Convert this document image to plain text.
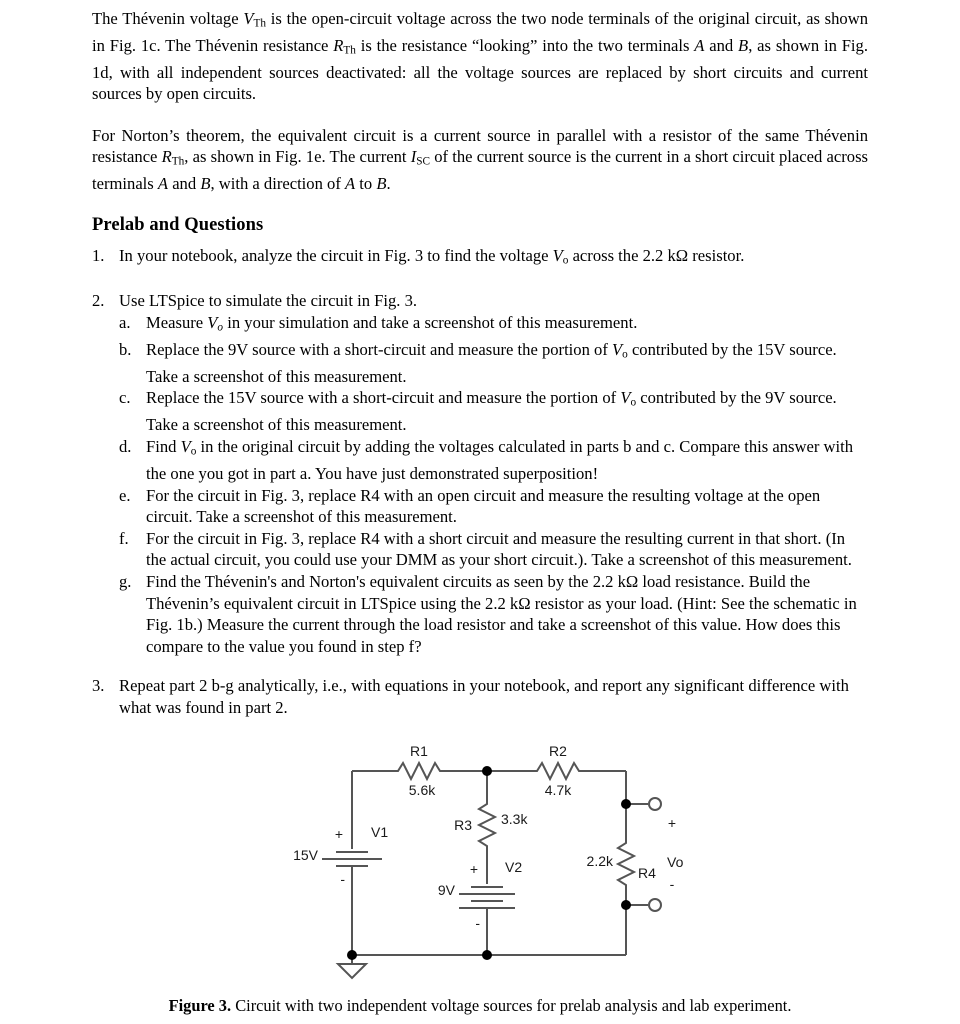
The Thévenin voltage $V_{Th}$ is the open-circuit voltage across the two node terminals of the original circuit, as shown in Fig. 1c. The Thévenin resistance $R_{Th}$ is the resistance “looking” into the two terminals A and B, as shown in Fig. 1d, with all independent sources deactivated: all the voltage sources are replaced by short circuits and current sources by open circuits.

For Norton’s theorem, the equivalent circuit is a current source in parallel with a resistor of the same Thévenin resistance $R_{Th}$, as shown in Fig. 1e. The current $I_{SC}$ of the current source is the current in a short circuit placed across terminals A and B, with a direction of A to B.

Prelab and Questions
1. In your notebook, analyze the circuit in Fig. 3 to find the voltage $V_o$ across the 2.2 kΩ resistor.
2. Use LTSpice to simulate the circuit in Fig. 3.
a. Measure $V_o$ in your simulation and take a screenshot of this measurement.
b. Replace the 9V source with a short-circuit and measure the portion of $V_o$ contributed by the 15V source. Take a screenshot of this measurement.
c. Replace the 15V source with a short-circuit and measure the portion of $V_o$ contributed by the 9V source. Take a screenshot of this measurement.
d. Find $V_o$ in the original circuit by adding the voltages calculated in parts b and c. Compare this answer with the one you got in part a. You have just demonstrated superposition!
e. For the circuit in Fig. 3, replace R4 with an open circuit and measure the resulting voltage at the open circuit. Take a screenshot of this measurement.
f.	For the circuit in Fig. 3, replace R4 with a short circuit and measure the resulting current in that short. (In the actual circuit, you could use your DMM as your short circuit.). Take a screenshot of this measurement.
g. Find the Thévenin's and Norton's equivalent circuits as seen by the 2.2 kΩ load resistance. Build the Thévenin’s equivalent circuit in LTSpice using the 2.2 kΩ resistor as your load. (Hint: See the schematic in Fig. 1b.) Measure the current through the load resistor and take a screenshot of this value. How does this compare to the value you found in step f?
3. Repeat part 2 b-g analytically, i.e., with equations in your notebook, and report any significant difference with what was found in part 2.
R1
5.6k
R2
4.7k
R3 3.3k
2.2k
R4
V1
15V
+
-
V2
9V
+
-
Vo
+
-
Figure 3. Circuit with two independent voltage sources for prelab analysis and lab experiment.
